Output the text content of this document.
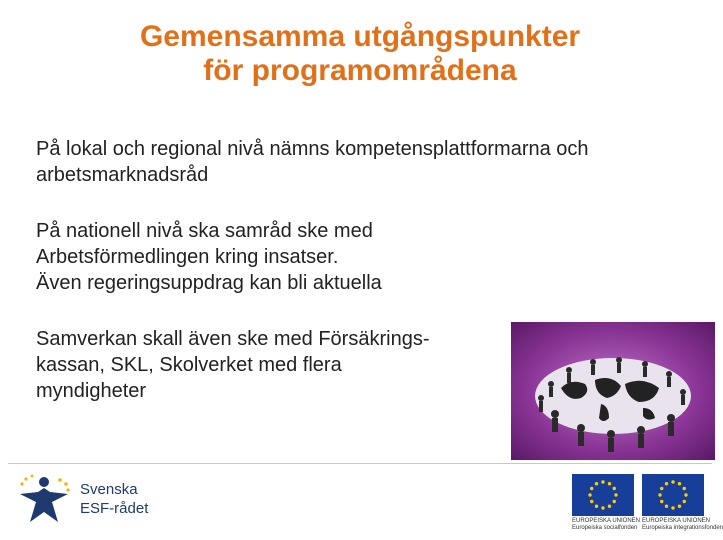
Gemensamma utgångspunkter
för programområdena
På lokal och regional nivå nämns kompetensplattformarna och
arbetsmarknadsråd
På nationell nivå ska samråd ske med
Arbetsförmedlingen kring insatser.
Även regeringsuppdrag kan bli aktuella
Samverkan skall även ske med Försäkrings-
kassan, SKL, Skolverket med flera
myndigheter
Svenska
ESF-rådet
EUROPEISKA UNIONEN
Europeiska socialfonden
EUROPEISKA UNIONEN
Europeiska integrationsfonden
